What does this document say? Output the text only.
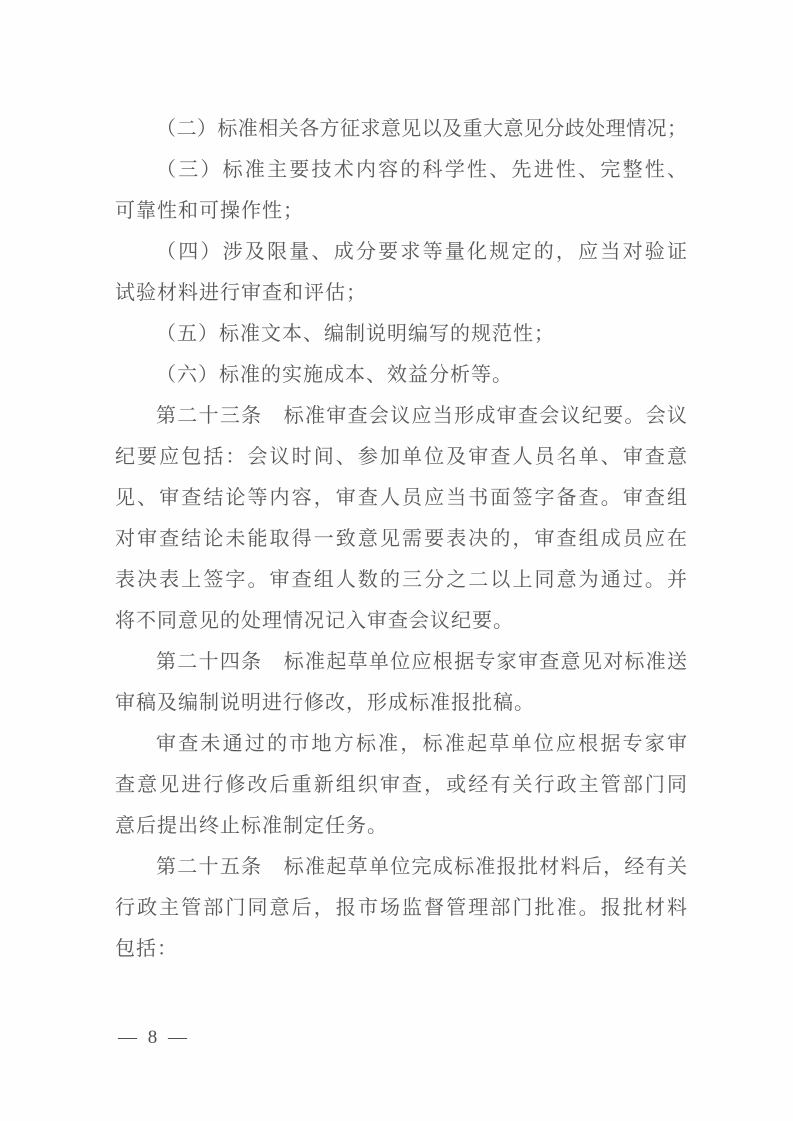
（二）标准相关各方征求意见以及重大意见分歧处理情况；
（三）标准主要技术内容的科学性、先进性、完整性、
可靠性和可操作性；
（四）涉及限量、成分要求等量化规定的，应当对验证
试验材料进行审查和评估；
（五）标准文本、编制说明编写的规范性；
（六）标准的实施成本、效益分析等。
第二十三条　标准审查会议应当形成审查会议纪要。会议
纪要应包括：会议时间、参加单位及审查人员名单、审查意
见、审查结论等内容，审查人员应当书面签字备查。审查组
对审查结论未能取得一致意见需要表决的，审查组成员应在
表决表上签字。审查组人数的三分之二以上同意为通过。并
将不同意见的处理情况记入审查会议纪要。
第二十四条　标准起草单位应根据专家审查意见对标准送
审稿及编制说明进行修改，形成标准报批稿。
审查未通过的市地方标准，标准起草单位应根据专家审
查意见进行修改后重新组织审查，或经有关行政主管部门同
意后提出终止标准制定任务。
第二十五条　标准起草单位完成标准报批材料后，经有关
行政主管部门同意后，报市场监督管理部门批准。报批材料
包括：
— 8 —
